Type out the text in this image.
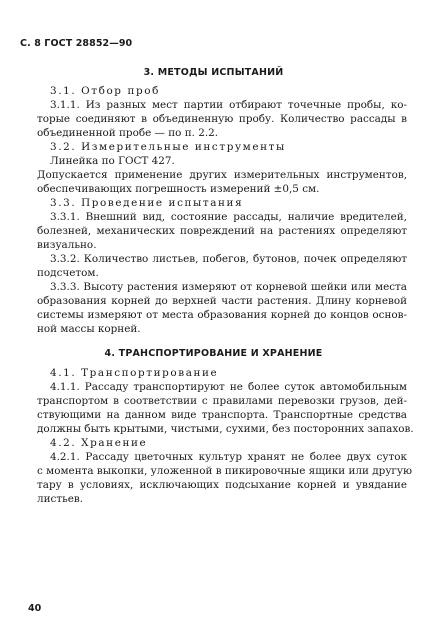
С. 8 ГОСТ 28852—90
3. МЕТОДЫ ИСПЫТАНИЙ
3.1. Отбор проб
3.1.1. Из разных мест партии отбирают точечные пробы, ко-
торые соединяют в объединенную пробу. Количество рассады в
объединенной пробе — по п. 2.2.
3.2. Измерительные инструменты
Линейка по ГОСТ 427.
Допускается применение других измерительных инструментов,
обеспечивающих погрешность измерений ±0,5 см.
3.3. Проведение испытания
3.3.1. Внешний вид, состояние рассады, наличие вредителей,
болезней, механических повреждений на растениях определяют
визуально.
3.3.2. Количество листьев, побегов, бутонов, почек определяют
подсчетом.
3.3.3. Высоту растения измеряют от корневой шейки или места
образования корней до верхней части растения. Длину корневой
системы измеряют от места образования корней до концов основ-
ной массы корней.
4. ТРАНСПОРТИРОВАНИЕ И ХРАНЕНИЕ
4.1. Транспортирование
4.1.1. Рассаду транспортируют не более суток автомобильным
транспортом в соответствии с правилами перевозки грузов, дей-
ствующими на данном виде транспорта. Транспортные средства
должны быть крытыми, чистыми, сухими, без посторонних запахов.
4.2. Хранение
4.2.1. Рассаду цветочных культур хранят не более двух суток
с момента выкопки, уложенной в пикировочные ящики или другую
тару в условиях, исключающих подсыхание корней и увядание
листьев.
40
